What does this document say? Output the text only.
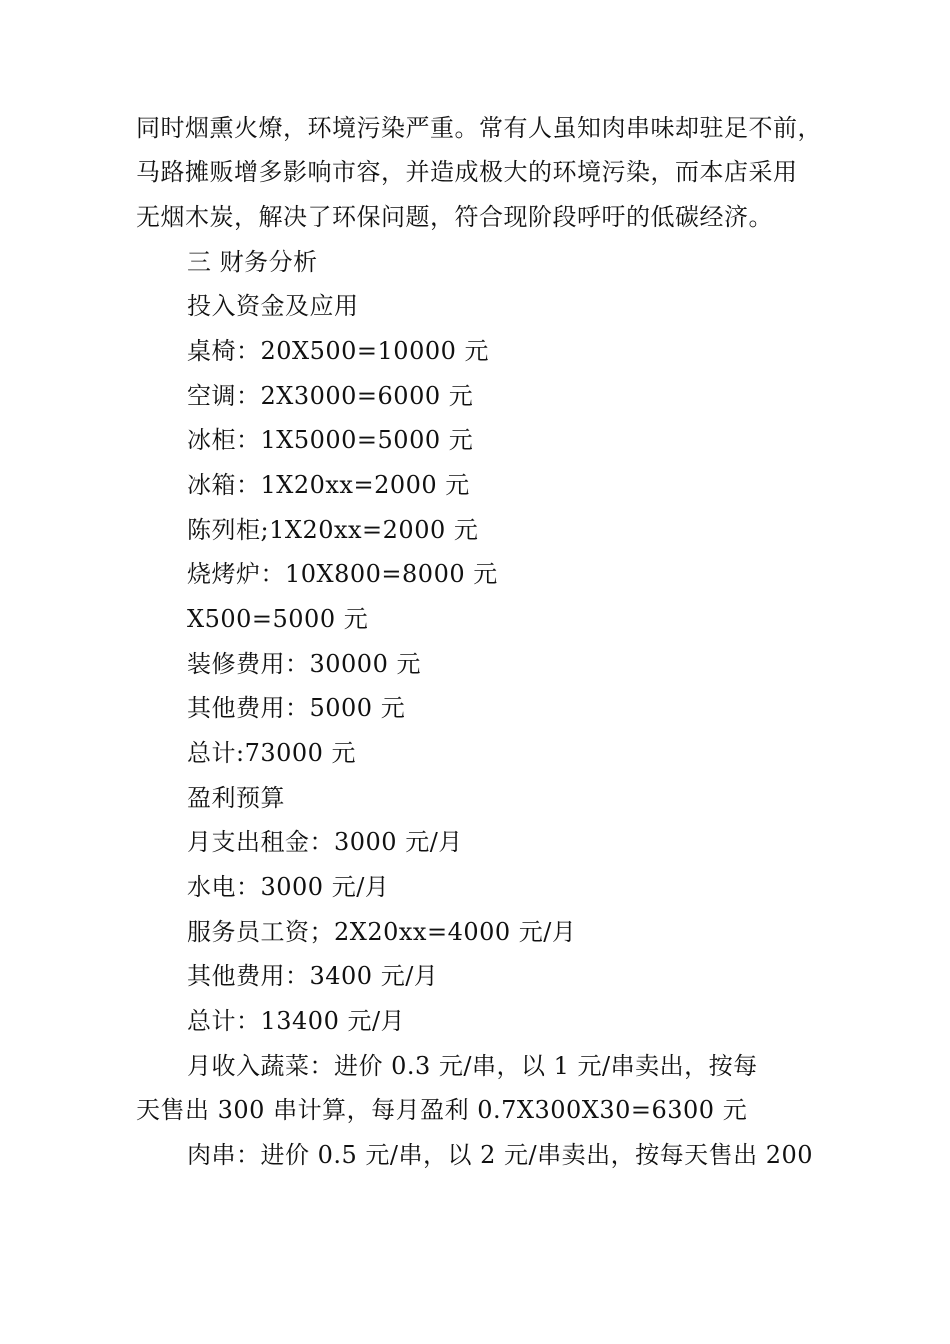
同时烟熏火燎，环境污染严重。常有人虽知肉串味却驻足不前，
马路摊贩增多影响市容，并造成极大的环境污染，而本店采用
无烟木炭，解决了环保问题，符合现阶段呼吁的低碳经济。
三 财务分析
投入资金及应用
桌椅：20X500=10000 元
空调：2X3000=6000 元
冰柜：1X5000=5000 元
冰箱：1X20xx=2000 元
陈列柜;1X20xx=2000 元
烧烤炉：10X800=8000 元
X500=5000 元
装修费用：30000 元
其他费用：5000 元
总计:73000 元
盈利预算
月支出租金：3000 元/月
水电：3000 元/月
服务员工资；2X20xx=4000 元/月
其他费用：3400 元/月
总计：13400 元/月
月收入蔬菜：进价 0.3 元/串，以 1 元/串卖出，按每
天售出 300 串计算，每月盈利 0.7X300X30=6300 元
肉串：进价 0.5 元/串，以 2 元/串卖出，按每天售出 200
